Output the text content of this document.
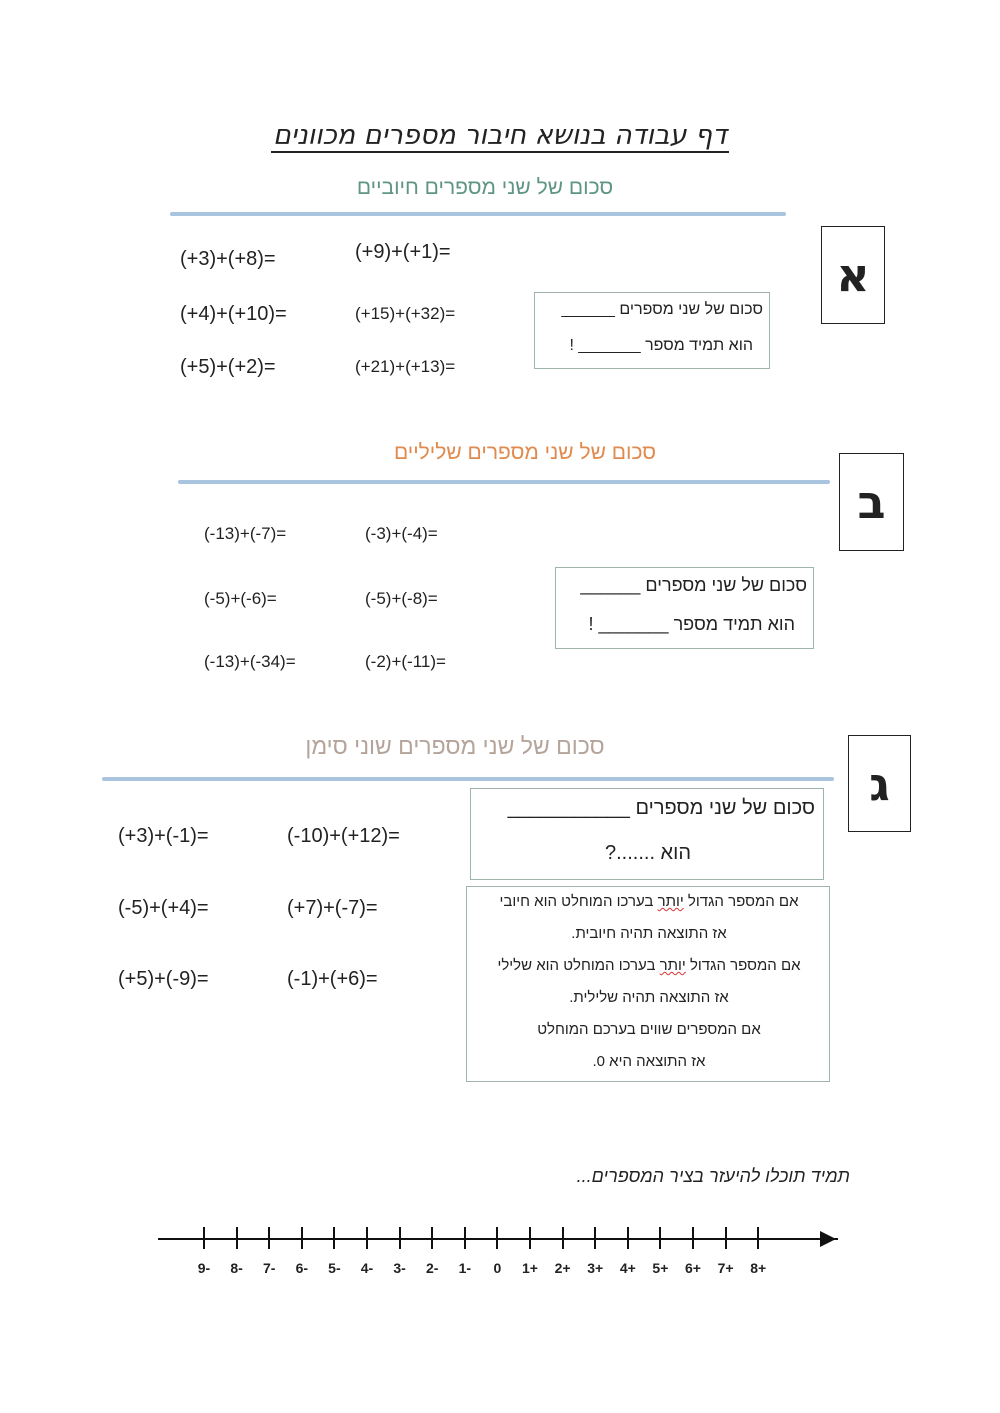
דף עבודה בנושא חיבור מספרים מכוונים
סכום של שני מספרים חיוביים
א
(+3)+(+8)=	(+9)+(+1)=
(+4)+(+10)=	(+15)+(+32)=
(+5)+(+2)=	(+21)+(+13)=
סכום של שני מספרים ______
הוא תמיד מספר _______ !
סכום של שני מספרים שליליים
ב
(-13)+(-7)=	(-3)+(-4)=
(-5)+(-6)=	(-5)+(-8)=
(-13)+(-34)=	(-2)+(-11)=
סכום של שני מספרים ______
הוא תמיד מספר _______ !
סכום של שני מספרים שוני סימן
ג
(+3)+(-1)=	(-10)+(+12)=
(-5)+(+4)=	(+7)+(-7)=
(+5)+(-9)=	(-1)+(+6)=
סכום של שני מספרים ___________
הוא .......?
אם המספר הגדול יותר בערכו המוחלט הוא חיובי
אז התוצאה תהיה חיובית.
אם המספר הגדול יותר בערכו המוחלט הוא שלילי
אז התוצאה תהיה שלילית.
אם המספרים שווים בערכם המוחלט
אז התוצאה היא 0.
תמיד תוכלו להיעזר בציר המספרים...
9-	8-	7-	6-	5-	4-	3-	2-	1-	0	1+	2+	3+	4+	5+	6+	7+	8+
